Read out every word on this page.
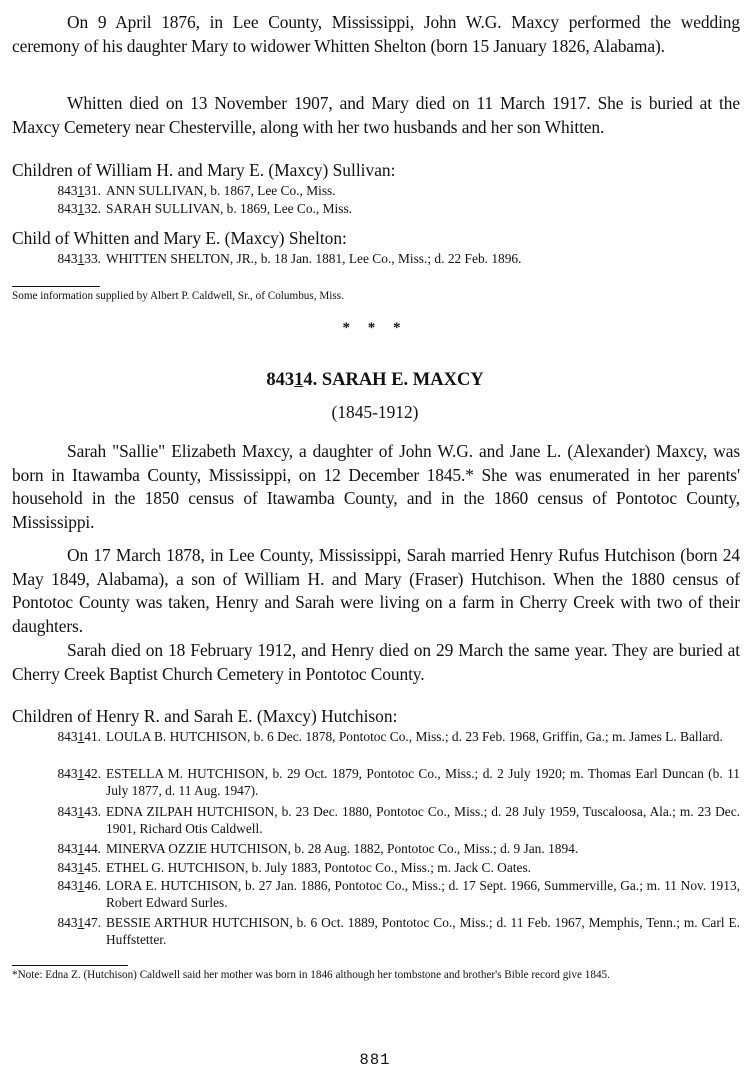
On 9 April 1876, in Lee County, Mississippi, John W.G. Maxcy performed the wedding ceremony of his daughter Mary to widower Whitten Shelton (born 15 January 1826, Alabama).

Whitten died on 13 November 1907, and Mary died on 11 March 1917. She is buried at the Maxcy Cemetery near Chesterville, along with her two husbands and her son Whitten.

Children of William H. and Mary E. (Maxcy) Sullivan:
843131. ANN SULLIVAN, b. 1867, Lee Co., Miss.
843132. SARAH SULLIVAN, b. 1869, Lee Co., Miss.
Child of Whitten and Mary E. (Maxcy) Shelton:
843133. WHITTEN SHELTON, JR., b. 18 Jan. 1881, Lee Co., Miss.; d. 22 Feb. 1896.
Some information supplied by Albert P. Caldwell, Sr., of Columbus, Miss.
* * *
84314. SARAH E. MAXCY
(1845-1912)

Sarah "Sallie" Elizabeth Maxcy, a daughter of John W.G. and Jane L. (Alexander) Maxcy, was born in Itawamba County, Mississippi, on 12 December 1845.* She was enumerated in her parents' household in the 1850 census of Itawamba County, and in the 1860 census of Pontotoc County, Mississippi.

On 17 March 1878, in Lee County, Mississippi, Sarah married Henry Rufus Hutchison (born 24 May 1849, Alabama), a son of William H. and Mary (Fraser) Hutchison. When the 1880 census of Pontotoc County was taken, Henry and Sarah were living on a farm in Cherry Creek with two of their daughters.

Sarah died on 18 February 1912, and Henry died on 29 March the same year. They are buried at Cherry Creek Baptist Church Cemetery in Pontotoc County.

Children of Henry R. and Sarah E. (Maxcy) Hutchison:
843141. LOULA B. HUTCHISON, b. 6 Dec. 1878, Pontotoc Co., Miss.; d. 23 Feb. 1968, Griffin, Ga.; m. James L. Ballard.
843142. ESTELLA M. HUTCHISON, b. 29 Oct. 1879, Pontotoc Co., Miss.; d. 2 July 1920; m. Thomas Earl Duncan (b. 11 July 1877, d. 11 Aug. 1947).
843143. EDNA ZILPAH HUTCHISON, b. 23 Dec. 1880, Pontotoc Co., Miss.; d. 28 July 1959, Tuscaloosa, Ala.; m. 23 Dec. 1901, Richard Otis Caldwell.
843144. MINERVA OZZIE HUTCHISON, b. 28 Aug. 1882, Pontotoc Co., Miss.; d. 9 Jan. 1894.
843145. ETHEL G. HUTCHISON, b. July 1883, Pontotoc Co., Miss.; m. Jack C. Oates.
843146. LORA E. HUTCHISON, b. 27 Jan. 1886, Pontotoc Co., Miss.; d. 17 Sept. 1966, Summerville, Ga.; m. 11 Nov. 1913, Robert Edward Surles.
843147. BESSIE ARTHUR HUTCHISON, b. 6 Oct. 1889, Pontotoc Co., Miss.; d. 11 Feb. 1967, Memphis, Tenn.; m. Carl E. Huffstetter.
*Note: Edna Z. (Hutchison) Caldwell said her mother was born in 1846 although her tombstone and brother's Bible record give 1845.
881
